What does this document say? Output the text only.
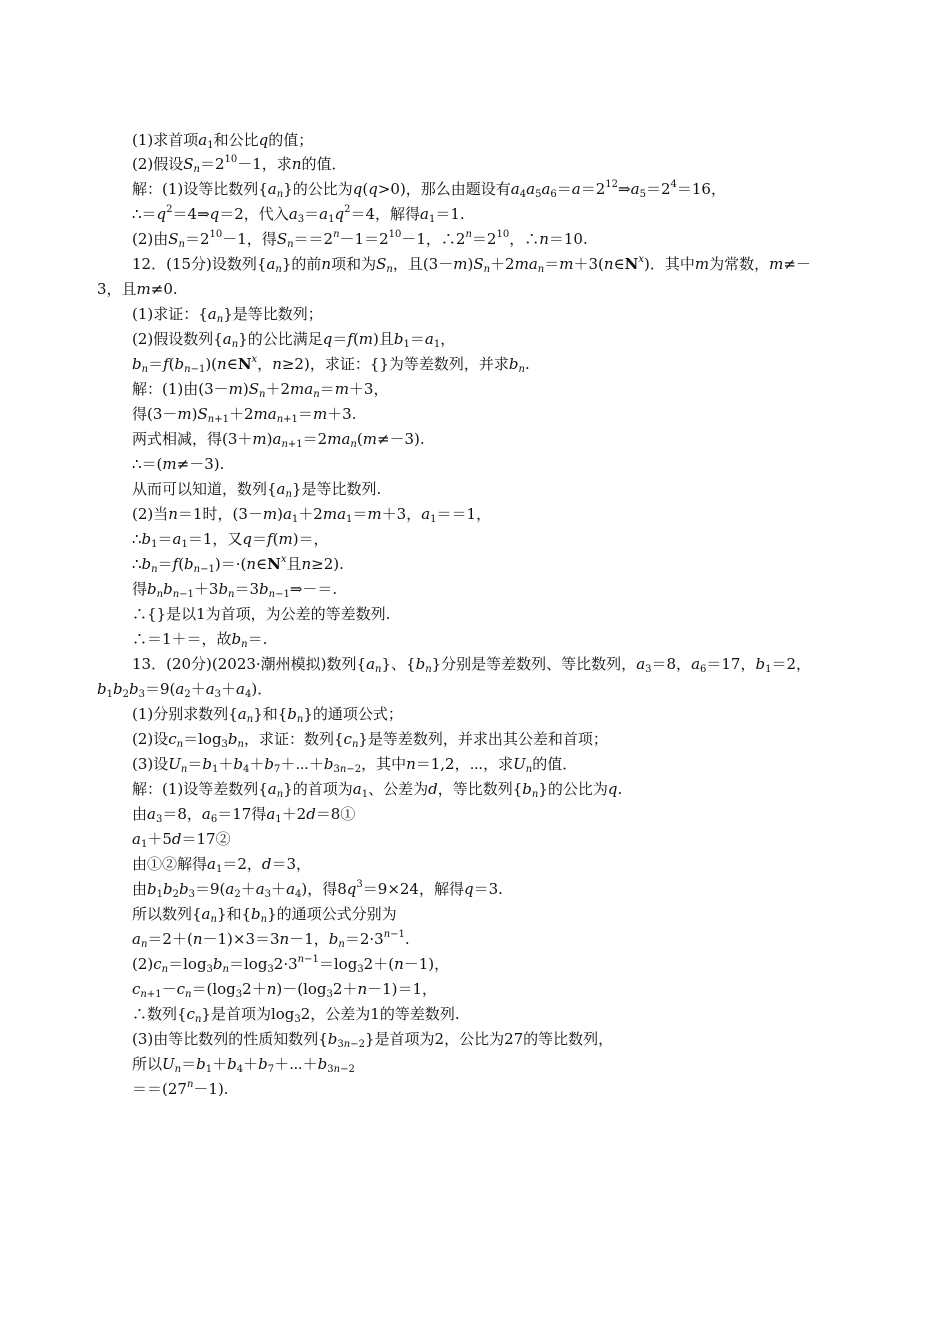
(1)求首项$a_1$和公比q的值；
(2)假设$S_n=2^{10}-1$，求n的值．
解：(1)设等比数列$\{a_n\}$的公比为q(q>0)，那么由题设有$a_4a_5a_6=a=2^{12}\Rightarrow a_5=2^4=16$，
$\therefore=q^2=4\Rightarrow q=2$，代入$a_3=a_1q^2=4$，解得$a_1=1$.
(2)由$S_n=2^{10}-1$，得$S_n==2^n-1=2^{10}-1$，$\therefore 2^n=2^{10}$，∴n＝10.
12．(15分)设数列$\{a_n\}$的前n项和为$S_n$，且$(3-m)S_n+2ma_n=m+3(n\in N^x)$．其中m为常数，m≠－
3，且m≠0.
(1)求证：$\{a_n\}$是等比数列；
(2)假设数列$\{a_n\}$的公比满足q＝f(m)且$b_1=a_1$，
$b_n=f(b_{n-1})(n\in N^x$，n≥2)，求证：{}为等差数列，并求$b_n$.
解：(1)由$(3-m)S_n+2ma_n=m+3$，
得$(3-m)S_{n+1}+2ma_{n+1}=m+3$.
两式相减，得$(3+m)a_{n+1}=2ma_n(m\ne-3)$.
∴＝(m≠－3).
从而可以知道，数列$\{a_n\}$是等比数列.
(2)当n＝1时，$(3-m)a_1+2ma_1=m+3$，$a_1==1$，
$\therefore b_1=a_1=1$，又q＝f(m)＝，
$\therefore b_n=f(b_{n-1})=\cdot(n\in N^x$且n≥2).
得$b_nb_{n-1}+3b_n=3b_{n-1}\Rightarrow-=$.
∴{}是以1为首项，为公差的等差数列.
∴＝1＋＝，故$b_n=$.
13．(20分)(2023·潮州模拟)数列$\{a_n\}$、$\{b_n\}$分别是等差数列、等比数列，$a_3=8$，$a_6=17$，$b_1=2$，
$b_1b_2b_3=9(a_2+a_3+a_4)$．
(1)分别求数列$\{a_n\}$和$\{b_n\}$的通项公式；
(2)设$c_n=\log_3b_n$，求证：数列$\{c_n\}$是等差数列，并求出其公差和首项；
(3)设$U_n=b_1+b_4+b_7+\cdots+b_{3n-2}$，其中n＝1,2，⋯，求$U_n$的值．
解：(1)设等差数列$\{a_n\}$的首项为$a_1$、公差为d，等比数列$\{b_n\}$的公比为q.
由$a_3=8$，$a_6=17$得$a_1+2d=8①$
$a_1+5d=17②$
由①②解得$a_1=2$，d＝3，
由$b_1b_2b_3=9(a_2+a_3+a_4)$，得$8q^3=9\times 24$，解得q＝3.
所以数列$\{a_n\}$和$\{b_n\}$的通项公式分别为
$a_n=2+(n-1)\times 3=3n-1$，$b_n=2\cdot 3^{n-1}$.
$(2)c_n=\log_3b_n=\log_32\cdot 3^{n-1}=\log_32+(n-1)$，
$c_{n+1}-c_n=(\log_32+n)-(\log_32+n-1)=1$，
∴数列$\{c_n\}$是首项为$\log_32$，公差为1的等差数列.
(3)由等比数列的性质知数列$\{b_{3n-2}\}$是首项为2，公比为27的等比数列，
所以$U_n=b_1+b_4+b_7+\cdots+b_{3n-2}$
$==(27^n-1)$.
